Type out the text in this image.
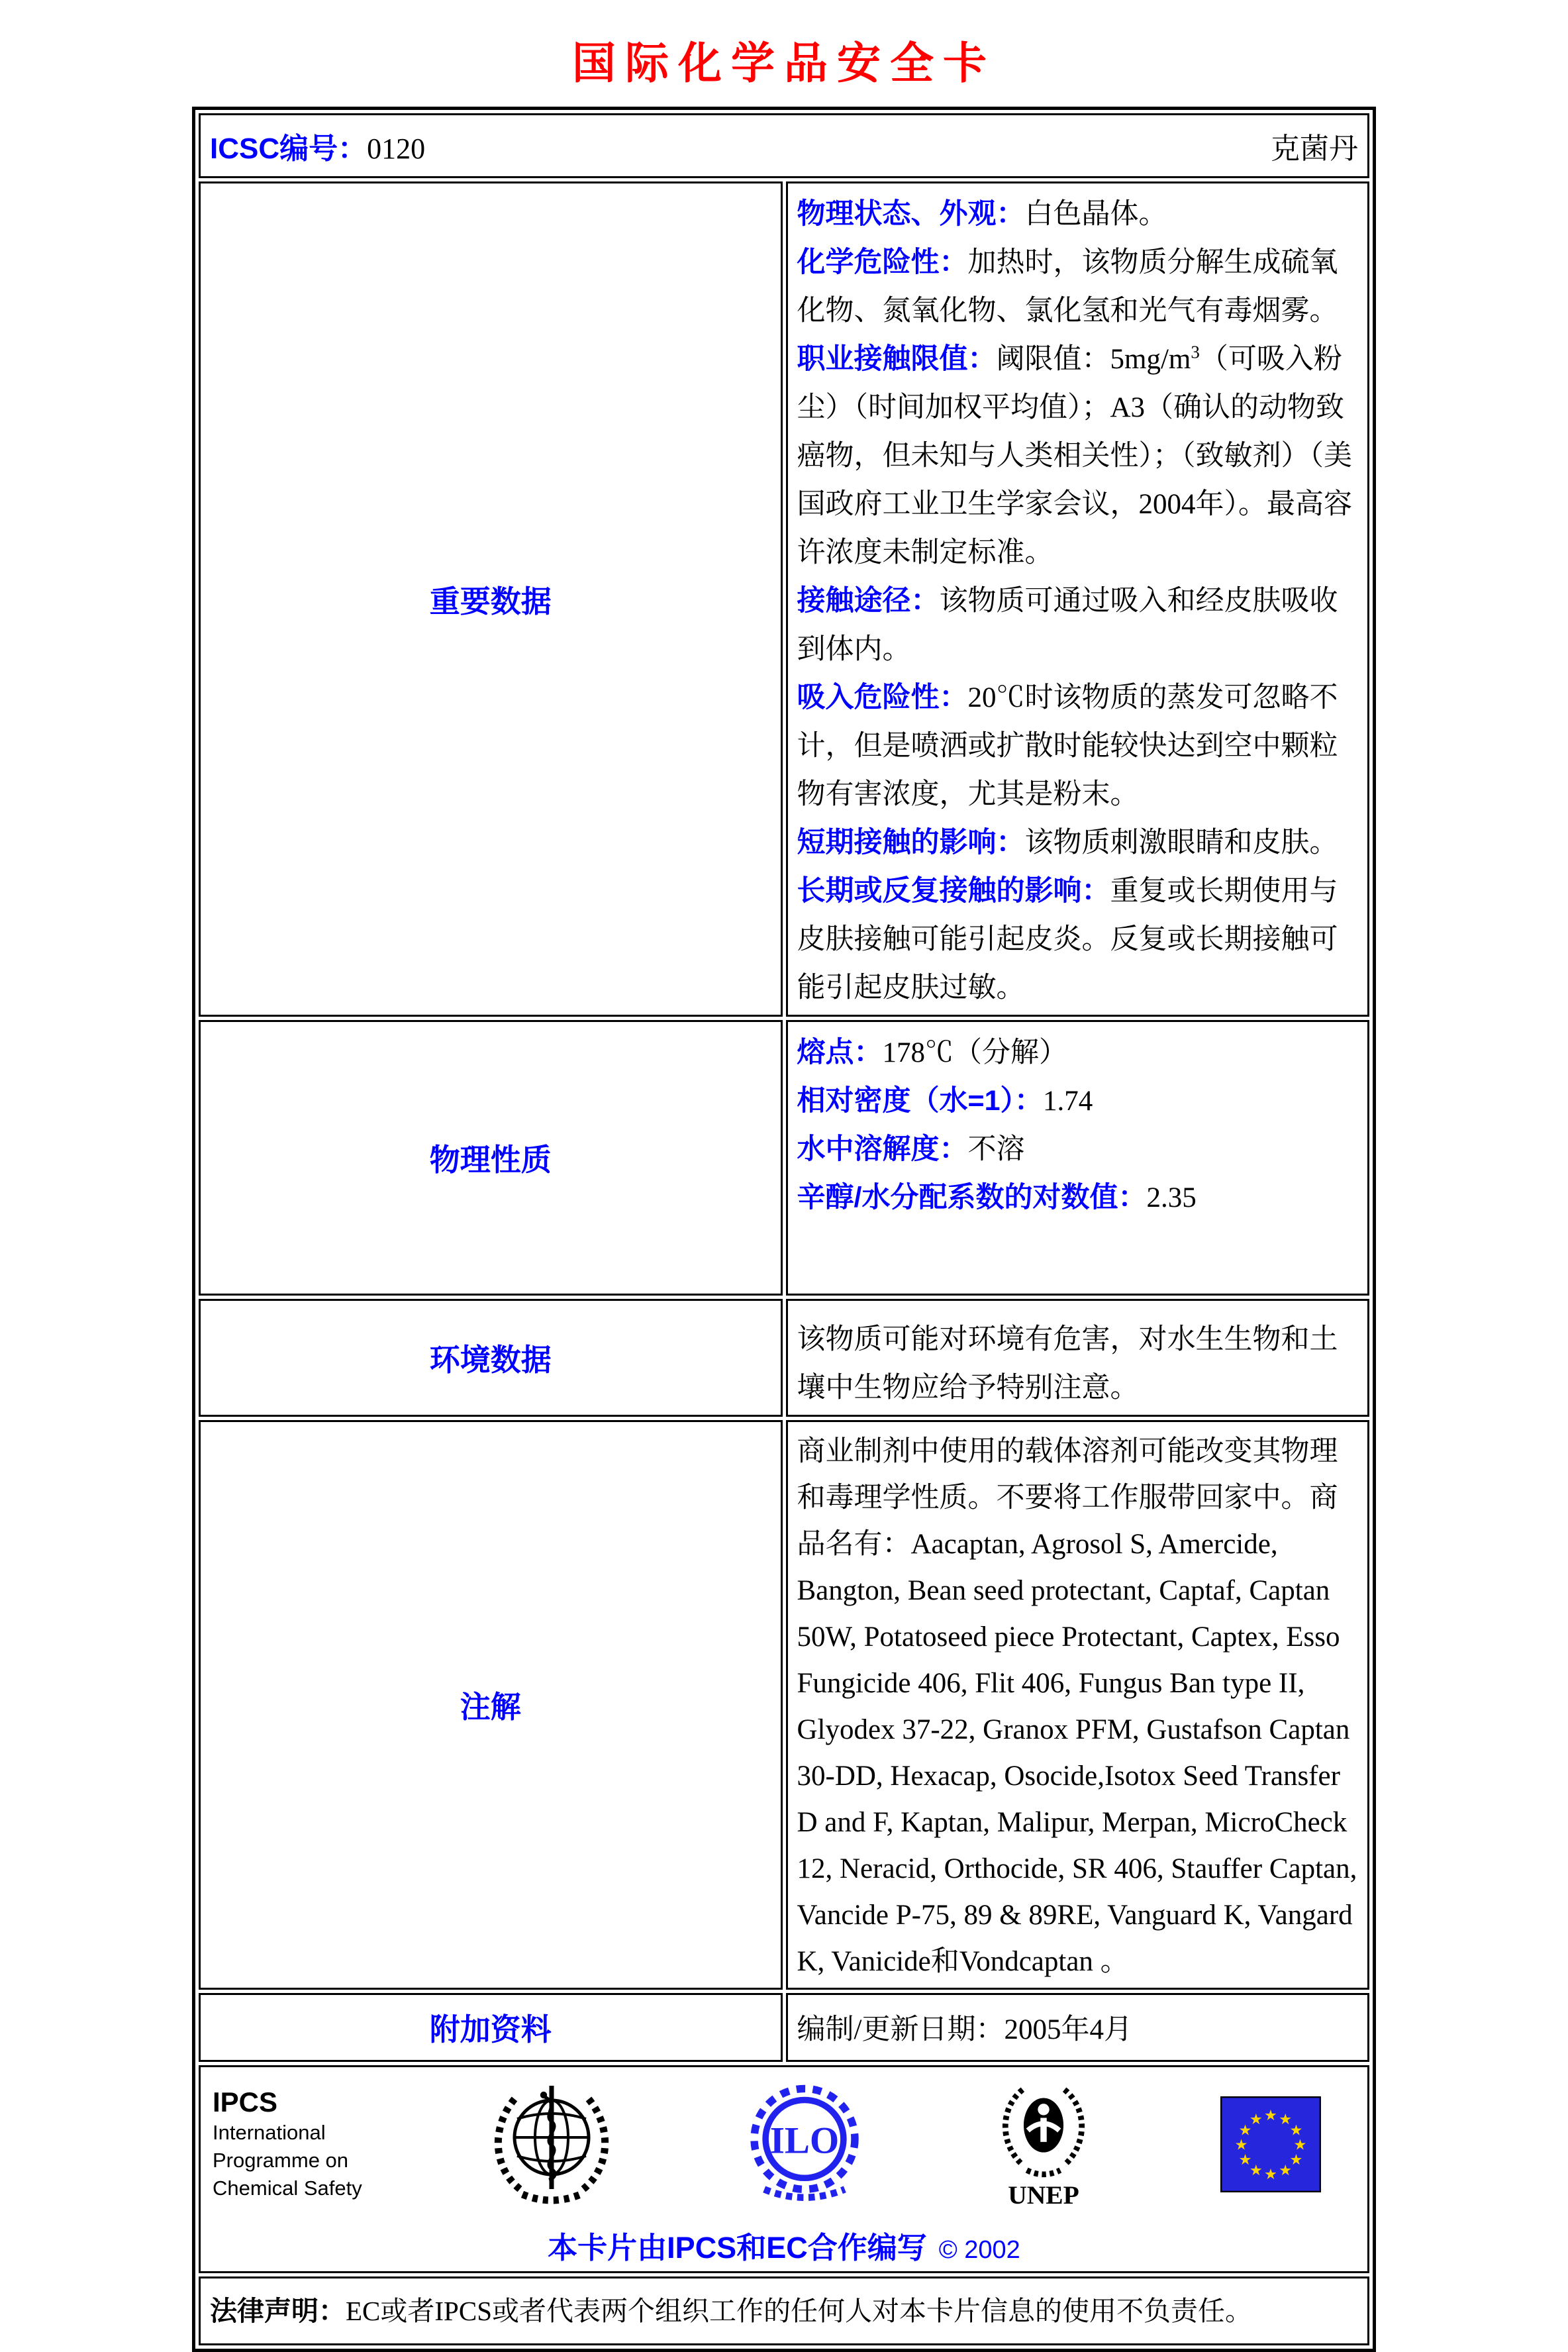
国际化学品安全卡
ICSC编号：0120 克菌丹	

重要数据	

物理状态、外观：白色晶体。

化学危险性：加热时，该物质分解生成硫氧化物、氮氧化物、氯化氢和光气有毒烟雾。

职业接触限值：阈限值：$5mg/m^3$（可吸入粉尘）（时间加权平均值）；A3（确认的动物致癌物，但未知与人类相关性）；（致敏剂）（美国政府工业卫生学家会议，2004年）。最高容许浓度未制定标准。

接触途径：该物质可通过吸入和经皮肤吸收到体内。

吸入危险性：20℃时该物质的蒸发可忽略不计，但是喷洒或扩散时能较快达到空中颗粒物有害浓度，尤其是粉末。

短期接触的影响：该物质刺激眼睛和皮肤。

长期或反复接触的影响：重复或长期使用与皮肤接触可能引起皮炎。反复或长期接触可能引起皮肤过敏。

物理性质	熔点：178℃（分解）

相对密度（水=1）：1.74

水中溶解度：不溶

辛醇/水分配系数的对数值：2.35

环境数据	该物质可能对环境有危害，对水生生物和土壤中生物应给予特别注意。

注解	商业制剂中使用的载体溶剂可能改变其物理和毒理学性质。不要将工作服带回家中。商品名有：Aacaptan, Agrosol S, Amercide, Bangton, Bean seed protectant, Captaf, Captan 50W, Potatoseed piece Protectant, Captex, Esso Fungicide 406, Flit 406, Fungus Ban type II, Glyodex 37-22, Granox PFM, Gustafson Captan 30-DD, Hexacap, Osocide,Isotox Seed Transfer D and F, Kaptan, Malipur, Merpan, MicroCheck 12, Neracid, Orthocide, SR 406, Stauffer Captan, Vancide P-75, 89 & 89RE, Vanguard K, Vangard K, Vanicide和Vondcaptan 。

附加资料	编制/更新日期：2005年4月

IPCS
International
Programme on
Chemical Safety
ILO
UNEP
★
★
★
★
★
★
★
★
★ ★ ★
★
本卡片由IPCS和EC合作编写 © 2002

法律声明：EC或者IPCS或者代表两个组织工作的任何人对本卡片信息的使用不负责任。	
